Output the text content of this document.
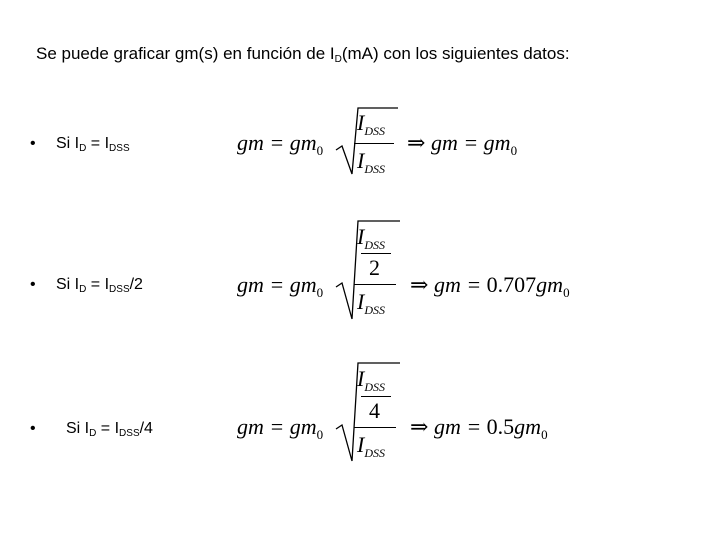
Se puede graficar gm(s) en función de $I_D(mA)$ con los siguientes datos:
• Si $I_D = I_{DSS}$	gm = $gm_0$
$I_{DSS}$
$I_{DSS}$
⇒ gm = $gm_0$
• Si $I_D = I_{DSS}/2$	gm = $gm_0$
$I_{DSS}$
2
$I_{DSS}$
⇒ gm = $0.707gm_0$
• Si $I_D = I_{DSS}/4$	gm = $gm_0$
$I_{DSS}$
4
$I_{DSS}$
⇒ gm = $0.5gm_0$
